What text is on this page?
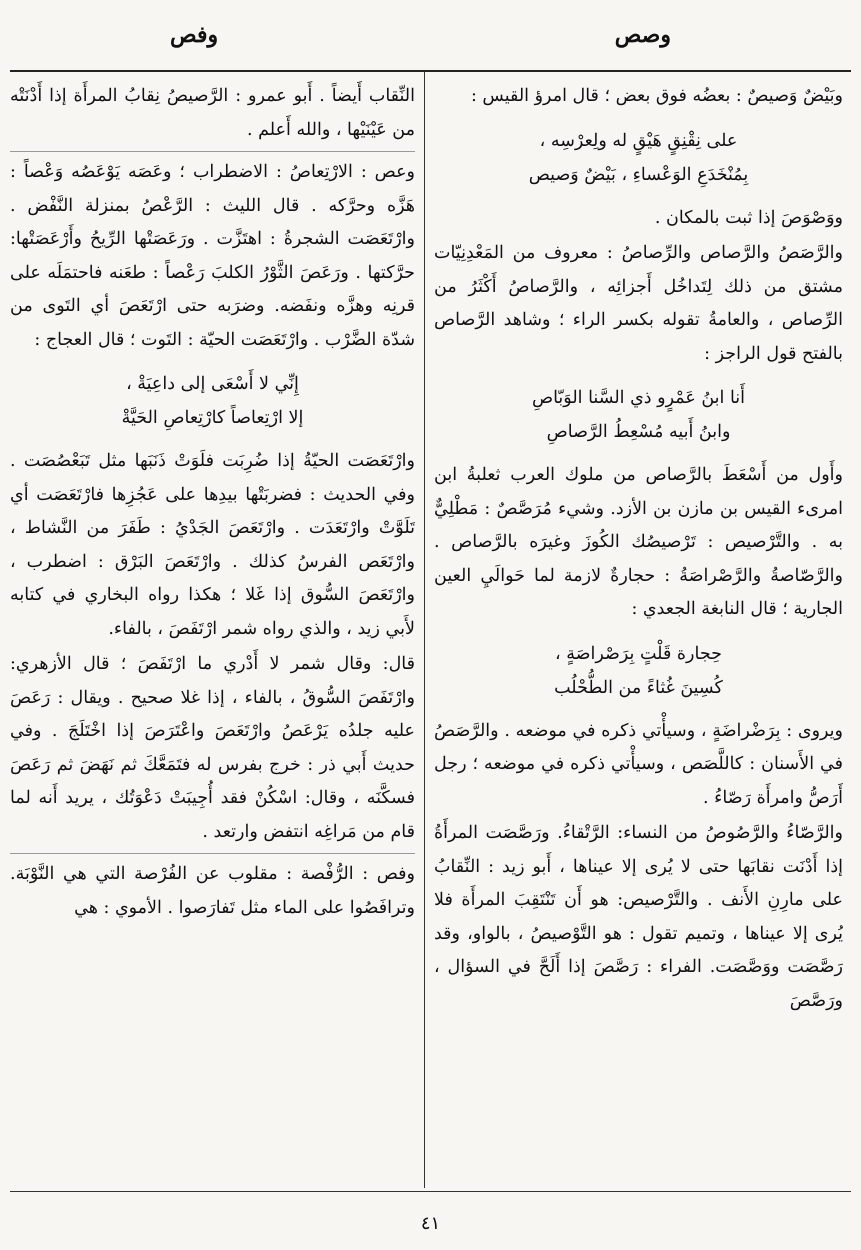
وفص	وصص

وبَيْضٌ وَصيصٌ : بعضُه فوق بعض ؛ قال امرؤ القيس :

على نِقْنِقٍ هَيْقٍ له ولِعرْسِه ،
بِمُنْخَدَعِ الوَعْساءِ ، بَيْضٌ وَصيص

ووَصْوَصَ إذا ثبت بالمكان .

والرَّصَصُ والرَّصاص والرِّصاصُ : معروف من المَعْدِنِيّات مشتق من ذلك لِتَداخُل أَجزائِه ، والرَّصاصُ أَكْثَرُ من الرِّصاص ، والعامةُ تقوله بكسر الراء ؛ وشاهد الرَّصاص بالفتح قول الراجز :

أَنا ابنُ عَمْرٍو ذي السَّنا الوَبّاصِ
وابنُ أَبيه مُسْعِطُ الرَّصاصِ

وأَول من أَسْعَطَ بالرَّصاص من ملوك العرب ثعلبةُ ابن امرىء القيس بن مازن بن الأزد. وشيء مُرَصَّصٌ : مَطْلِيٌّ به . والتَّرْصيص : تَرْصيصُك الكُوزَ وغيرَه بالرَّصاص . والرَّصّاصةُ والرَّصْراصَةُ : حجارةٌ لازمة لما حَوالَيِ العين الجارية ؛ قال النابغة الجعدي :

حِجارة قَلْتٍ بِرَصْراصَةٍ ،
كُسِينَ غُثاءً من الطُّحْلُب

ويروى : بِرَضْراضَةٍ ، وسيأْتي ذكره في موضعه . والرَّصَصُ في الأَسنان : كاللَّصَص ، وسيأْتي ذكره في موضعه ؛ رجل أَرَصُّ وامرأَة رَصّاءُ .

والرَّصّاءُ والرَّصُوصُ من النساء: الرَّتْقاءُ. ورَصَّصَت المرأَةُ إذا أَدْنَت نقابَها حتى لا يُرى إلا عيناها ، أَبو زيد : النِّقابُ على مارِنِ الأَنف . والتَّرْصيص: هو أَن تَنْتَقِبَ المرأَة فلا يُرى إلا عيناها ، وتميم تقول : هو التَّوْصيصُ ، بالواو، وقد رَصَّصَت ووَصَّصَت. الفراء : رَصَّصَ إذا أَلَحَّ في السؤال ، ورَصَّصَ

النِّقاب أَيضاً . أَبو عمرو : الرَّصيصُ نِقابُ المرأَة إذا أَدْنَتْه من عَيْنَيْها ، والله أَعلم .

وعص : الارْتِعاصُ : الاضطراب ؛ وعَصَه يَوْعَصُه وَعْصاً : هَزَّه وحرَّكه . قال الليث : الرَّعْصُ بمنزلة النَّفْض . وارْتَعَصَت الشجرةُ : اهتَزَّت . ورَعَصَتْها الرِّيحُ وأَرْعَصَتْها: حرَّكتها . ورَعَصَ الثَّوْرُ الكلبَ رَعْصاً : طعَنه فاحتمَلَه على قرنِه وهزَّه ونفَضه. وضرَبه حتى ارْتَعَصَ أي التَوى من شدّة الضَّرْب . وارْتَعَصَت الحيّة : التَوت ؛ قال العجاج :

إِنِّي لا أَسْعَى إلى داعِيَةْ ،
إلا ارْتِعاصاً كارْتِعاصِ الحَيَّةْ

وارْتَعَصَت الحيّةُ إذا ضُرِبَت فلَوَتْ ذَنَبَها مثل تَبَعْصُصَت . وفي الحديث : فضربَتْها بيدِها على عَجُزِها فارْتَعَصَت أي تَلَوَّتْ وارْتَعَدَت . وارْتَعَصَ الجَدْيُ : طَفَرَ من النَّشاط ، وارْتَعَص الفرسُ كذلك . وارْتَعَصَ البَرْق : اضطرب ، وارْتَعَصَ السُّوق إذا غَلا ؛ هكذا رواه البخاري في كتابه لأَبي زيد ، والذي رواه شمر ارْتَفَصَ ، بالفاء.

قال: وقال شمر لا أَدْري ما ارْتَفَصَ ؛ قال الأزهري: وارْتَفَصَ السُّوقُ ، بالفاء ، إذا غلا صحيح . ويقال : رَعَصَ عليه جلدُه يَرْعَصُ وارْتَعَصَ واعْتَرَصَ إذا اخْتَلَجَ . وفي حديث أَبي ذر : خرج بفرس له فتَمَعَّكَ ثم نَهَضَ ثم رَعَصَ فسكَّنَه ، وقال: اسْكُنْ فقد أُجِيبَتْ دَعْوَتُك ، يريد أَنه لما قام من مَراغِه انتفض وارتعد .

وفص : الرُّفْصة : مقلوب عن الفُرْصة التي هي النَّوْبَة. وترافَصُوا على الماء مثل تَفارَصوا . الأموي : هي

٤١
